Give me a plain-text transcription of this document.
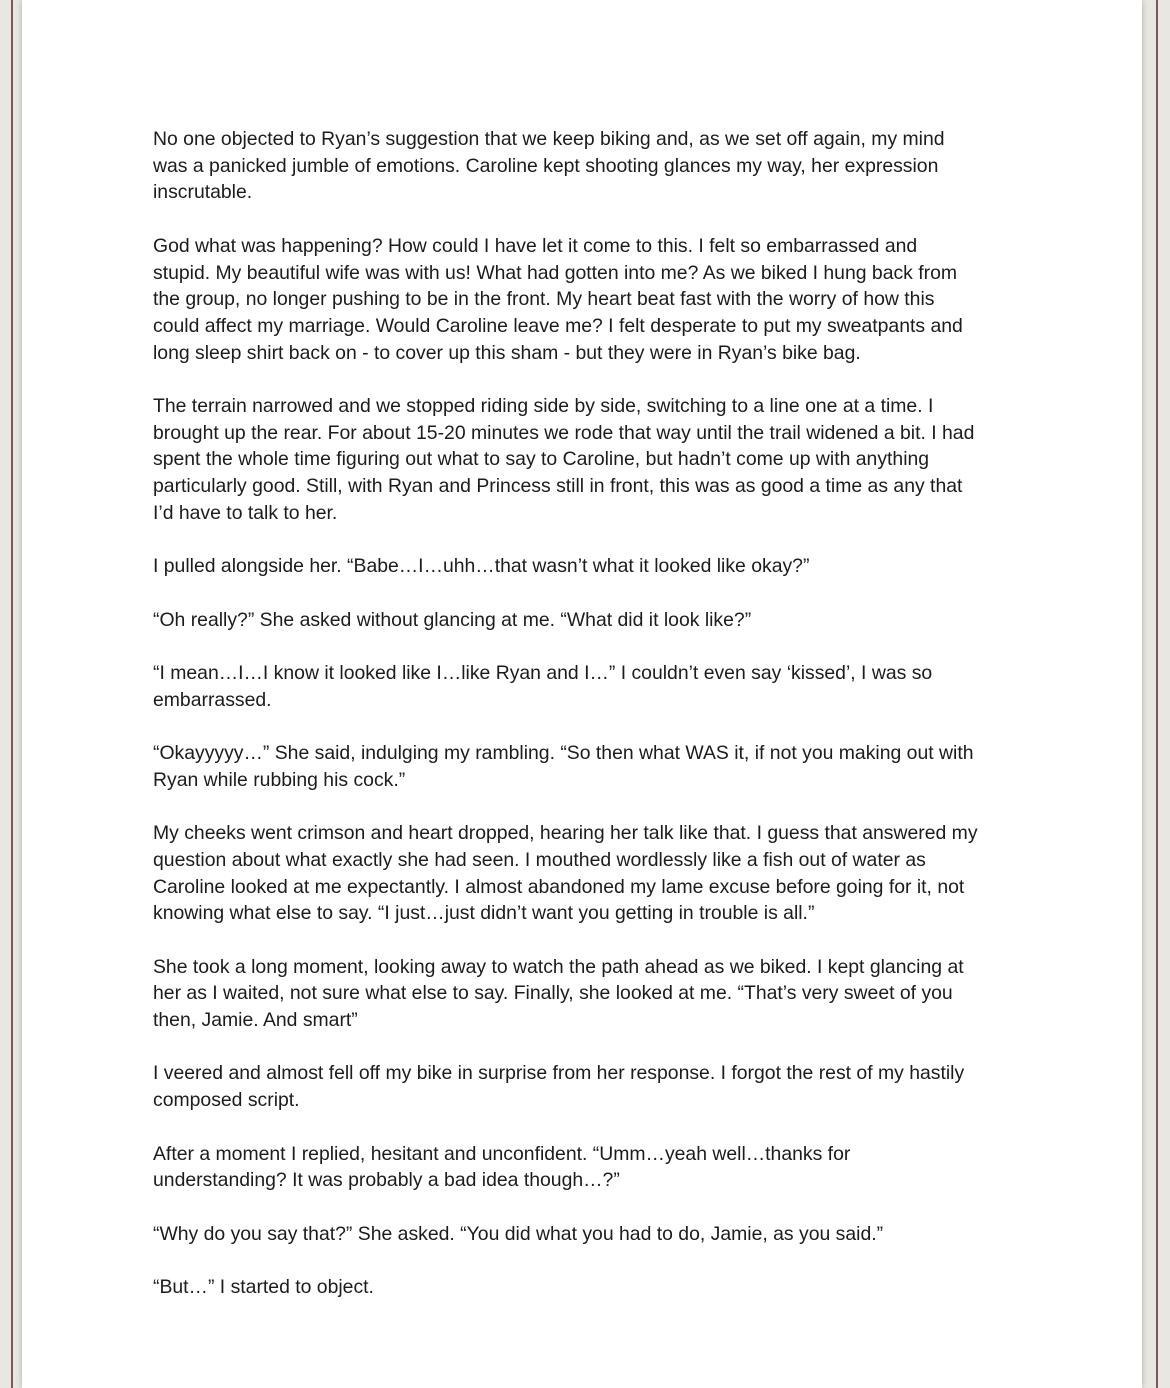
No one objected to Ryan’s suggestion that we keep biking and, as we set off again, my mind
was a panicked jumble of emotions. Caroline kept shooting glances my way, her expression
inscrutable.

God what was happening? How could I have let it come to this. I felt so embarrassed and
stupid. My beautiful wife was with us! What had gotten into me? As we biked I hung back from
the group, no longer pushing to be in the front. My heart beat fast with the worry of how this
could affect my marriage. Would Caroline leave me? I felt desperate to put my sweatpants and
long sleep shirt back on - to cover up this sham - but they were in Ryan’s bike bag.

The terrain narrowed and we stopped riding side by side, switching to a line one at a time. I
brought up the rear. For about 15-20 minutes we rode that way until the trail widened a bit. I had
spent the whole time figuring out what to say to Caroline, but hadn’t come up with anything
particularly good. Still, with Ryan and Princess still in front, this was as good a time as any that
I’d have to talk to her.

I pulled alongside her. “Babe…I…uhh…that wasn’t what it looked like okay?”

“Oh really?” She asked without glancing at me. “What did it look like?”

“I mean…I…I know it looked like I…like Ryan and I…” I couldn’t even say ‘kissed’, I was so
embarrassed.

“Okayyyyy…” She said, indulging my rambling. “So then what WAS it, if not you making out with
Ryan while rubbing his cock.”

My cheeks went crimson and heart dropped, hearing her talk like that. I guess that answered my
question about what exactly she had seen. I mouthed wordlessly like a fish out of water as
Caroline looked at me expectantly. I almost abandoned my lame excuse before going for it, not
knowing what else to say. “I just…just didn’t want you getting in trouble is all.”

She took a long moment, looking away to watch the path ahead as we biked. I kept glancing at
her as I waited, not sure what else to say. Finally, she looked at me. “That’s very sweet of you
then, Jamie. And smart”

I veered and almost fell off my bike in surprise from her response. I forgot the rest of my hastily
composed script.

After a moment I replied, hesitant and unconfident. “Umm…yeah well…thanks for
understanding? It was probably a bad idea though…?”

“Why do you say that?” She asked. “You did what you had to do, Jamie, as you said.”

“But…” I started to object.
